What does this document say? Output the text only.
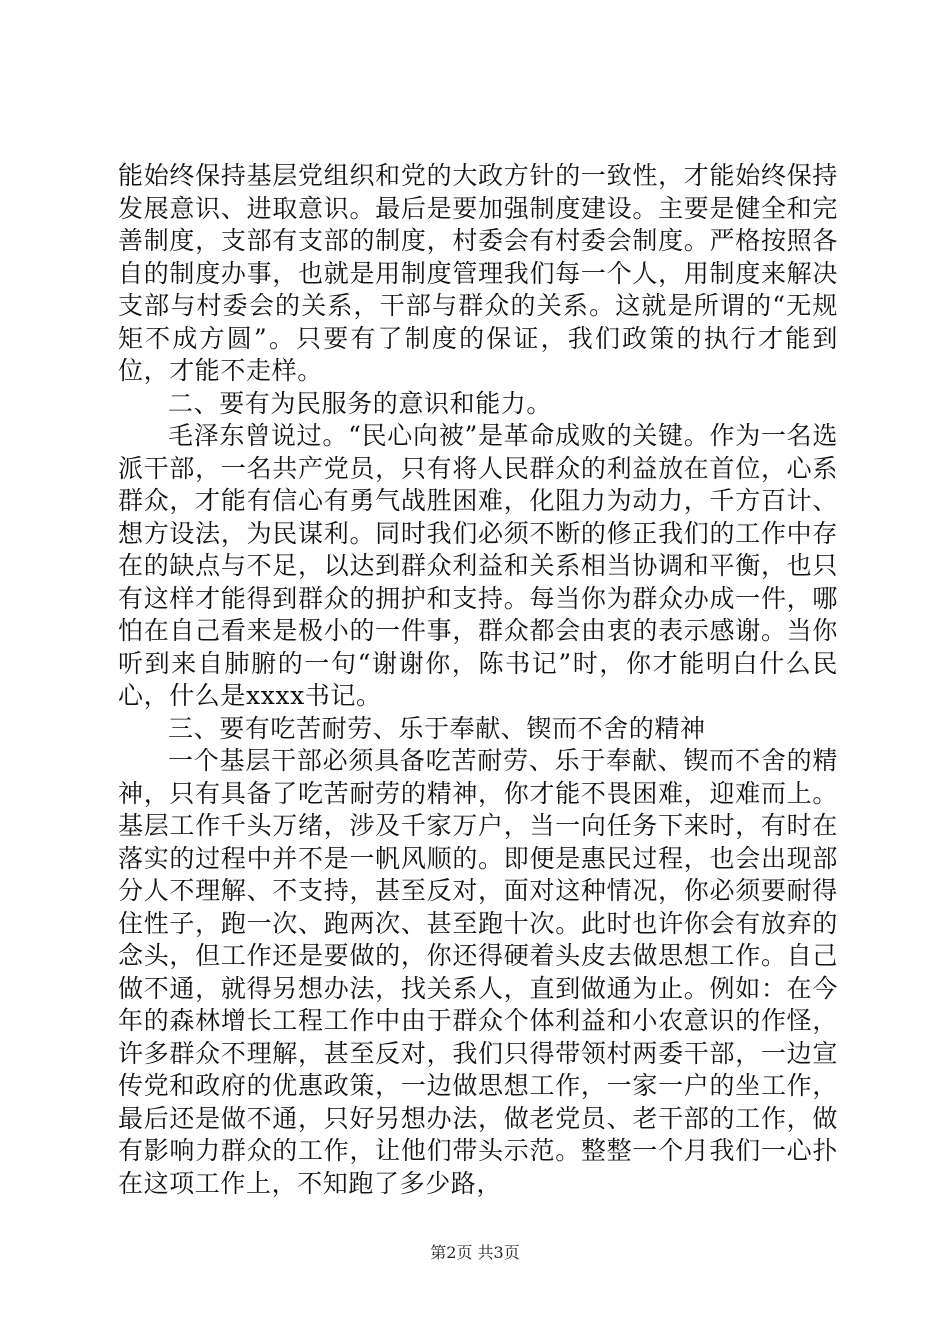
能始终保持基层党组织和党的大政方针的一致性，才能始终保持发展意识、进取意识。最后是要加强制度建设。主要是健全和完善制度，支部有支部的制度，村委会有村委会制度。严格按照各自的制度办事，也就是用制度管理我们每一个人，用制度来解决支部与村委会的关系，干部与群众的关系。这就是所谓的“无规矩不成方圆”。只要有了制度的保证，我们政策的执行才能到位，才能不走样。

二、要有为民服务的意识和能力。

毛泽东曾说过。“民心向被”是革命成败的关键。作为一名选派干部，一名共产党员，只有将人民群众的利益放在首位，心系群众，才能有信心有勇气战胜困难，化阻力为动力，千方百计、想方设法，为民谋利。同时我们必须不断的修正我们的工作中存在的缺点与不足，以达到群众利益和关系相当协调和平衡，也只有这样才能得到群众的拥护和支持。每当你为群众办成一件，哪怕在自己看来是极小的一件事，群众都会由衷的表示感谢。当你听到来自肺腑的一句“谢谢你，陈书记”时，你才能明白什么民心，什么是xxxx书记。

三、要有吃苦耐劳、乐于奉献、锲而不舍的精神

一个基层干部必须具备吃苦耐劳、乐于奉献、锲而不舍的精神，只有具备了吃苦耐劳的精神，你才能不畏困难，迎难而上。基层工作千头万绪，涉及千家万户，当一向任务下来时，有时在落实的过程中并不是一帆风顺的。即便是惠民过程，也会出现部分人不理解、不支持，甚至反对，面对这种情况，你必须要耐得住性子，跑一次、跑两次、甚至跑十次。此时也许你会有放弃的念头，但工作还是要做的，你还得硬着头皮去做思想工作。自己做不通，就得另想办法，找关系人，直到做通为止。例如：在今年的森林增长工程工作中由于群众个体利益和小农意识的作怪，许多群众不理解，甚至反对，我们只得带领村两委干部，一边宣传党和政府的优惠政策，一边做思想工作，一家一户的坐工作，最后还是做不通，只好另想办法，做老党员、老干部的工作，做有影响力群众的工作，让他们带头示范。整整一个月我们一心扑在这项工作上，不知跑了多少路，

第2页 共3页
